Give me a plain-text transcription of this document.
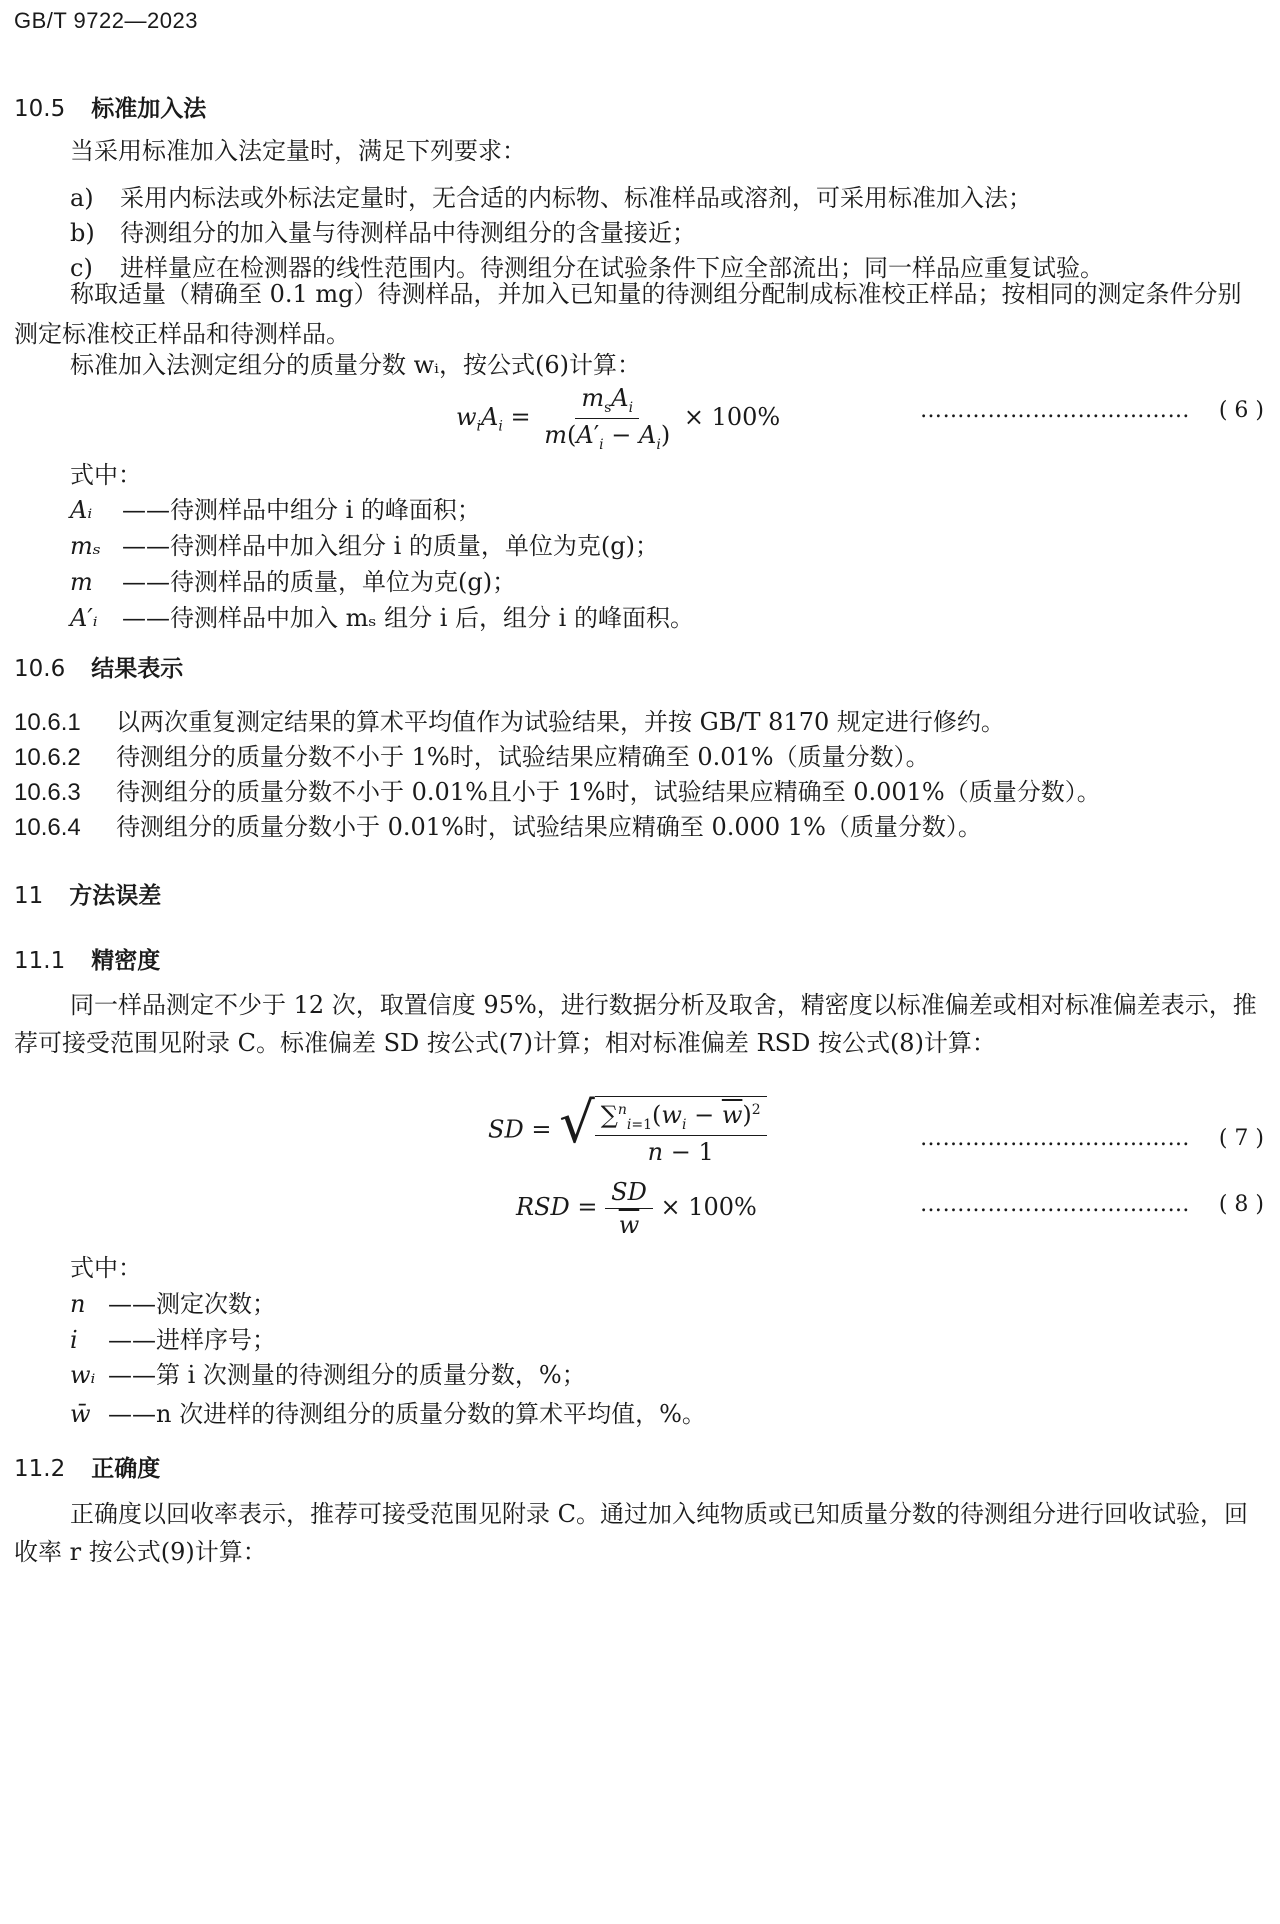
GB/T 9722—2023
10.5 标准加入法
当采用标准加入法定量时，满足下列要求：
a) 采用内标法或外标法定量时，无合适的内标物、标准样品或溶剂，可采用标准加入法；
b) 待测组分的加入量与待测样品中待测组分的含量接近；
c) 进样量应在检测器的线性范围内。待测组分在试验条件下应全部流出；同一样品应重复试验。
称取适量（精确至 0.1 mg）待测样品，并加入已知量的待测组分配制成标准校正样品；按相同的测定条件分别测定标准校正样品和待测样品。
标准加入法测定组分的质量分数 wᵢ，按公式(6)计算：
$w_iA_i = \frac{m_sA_i}{m(A'_i - A_i)} \times 100\%$	……………………………… ( 6 )
式中：
Aᵢ ——待测样品中组分 i 的峰面积；
mₛ ——待测样品中加入组分 i 的质量，单位为克(g)；
m ——待测样品的质量，单位为克(g)；
A′ᵢ ——待测样品中加入 mₛ 组分 i 后，组分 i 的峰面积。
10.6 结果表示
10.6.1 以两次重复测定结果的算术平均值作为试验结果，并按 GB/T 8170 规定进行修约。
10.6.2 待测组分的质量分数不小于 1%时，试验结果应精确至 0.01%（质量分数）。
10.6.3 待测组分的质量分数不小于 0.01%且小于 1%时，试验结果应精确至 0.001%（质量分数）。
10.6.4 待测组分的质量分数小于 0.01%时，试验结果应精确至 0.000 1%（质量分数）。
11 方法误差
11.1 精密度
同一样品测定不少于 12 次，取置信度 95%，进行数据分析及取舍，精密度以标准偏差或相对标准偏差表示，推荐可接受范围见附录 C。标准偏差 SD 按公式(7)计算；相对标准偏差 RSD 按公式(8)计算：
SD = √ $\frac{\sum^n_{i=1}(w_i - \overline{w})^2}{n - 1}$	……………………………… ( 7 )
RSD = $\frac{SD}{w} \times 100\%$	……………………………… ( 8 )
式中：
n ——测定次数；
i ——进样序号；
wᵢ ——第 i 次测量的待测组分的质量分数，%；
w̄ ——n 次进样的待测组分的质量分数的算术平均值，%。
11.2 正确度
正确度以回收率表示，推荐可接受范围见附录 C。通过加入纯物质或已知质量分数的待测组分进行回收试验，回收率 r 按公式(9)计算：
